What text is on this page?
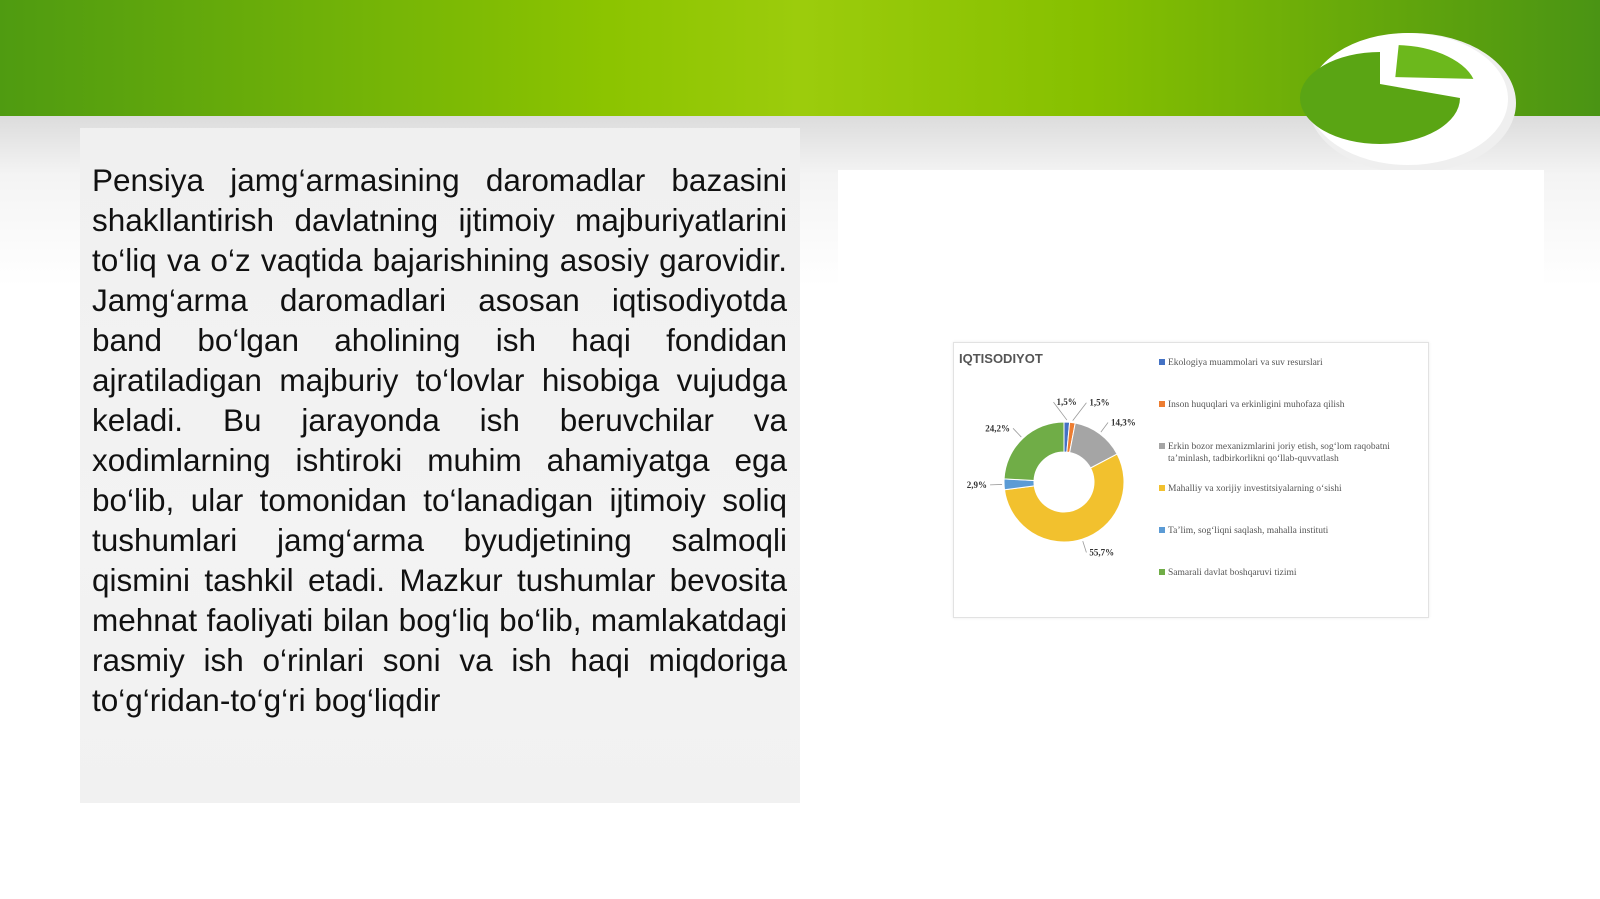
Pensiya jamg‘armasining daromadlar bazasini shakllantirish davlatning ijtimoiy majburiyatlarini to‘liq va o‘z vaqtida bajarishining asosiy garovidir. Jamg‘arma daromadlari asosan iqtisodiyotda band bo‘lgan aholining ish haqi fondidan ajratiladigan majburiy to‘lovlar hisobiga vujudga keladi. Bu jarayonda ish beruvchilar va xodimlarning ishtiroki muhim ahamiyatga ega bo‘lib, ular tomonidan to‘lanadigan ijtimoiy soliq tushumlari jamg‘arma byudjetining salmoqli qismini tashkil etadi. Mazkur tushumlar bevosita mehnat faoliyati bilan bog‘liq bo‘lib, mamlakatdagi rasmiy ish o‘rinlari soni va ish haqi miqdoriga to‘g‘ridan-to‘g‘ri bog‘liqdir

IQTISODIYOT
1,5% 1,5%
14,3%
55,7%
2,9%
24,2%
Ekologiya muammolari va suv resurslari
Inson huquqlari va erkinligini muhofaza qilish
Erkin bozor mexanizmlarini joriy etish, sog‘lom raqobatni ta’minlash, tadbirkorlikni qo‘llab-quvvatlash
Mahalliy va xorijiy investitsiyalarning o‘sishi
Ta’lim, sog‘liqni saqlash, mahalla instituti
Samarali davlat boshqaruvi tizimi
